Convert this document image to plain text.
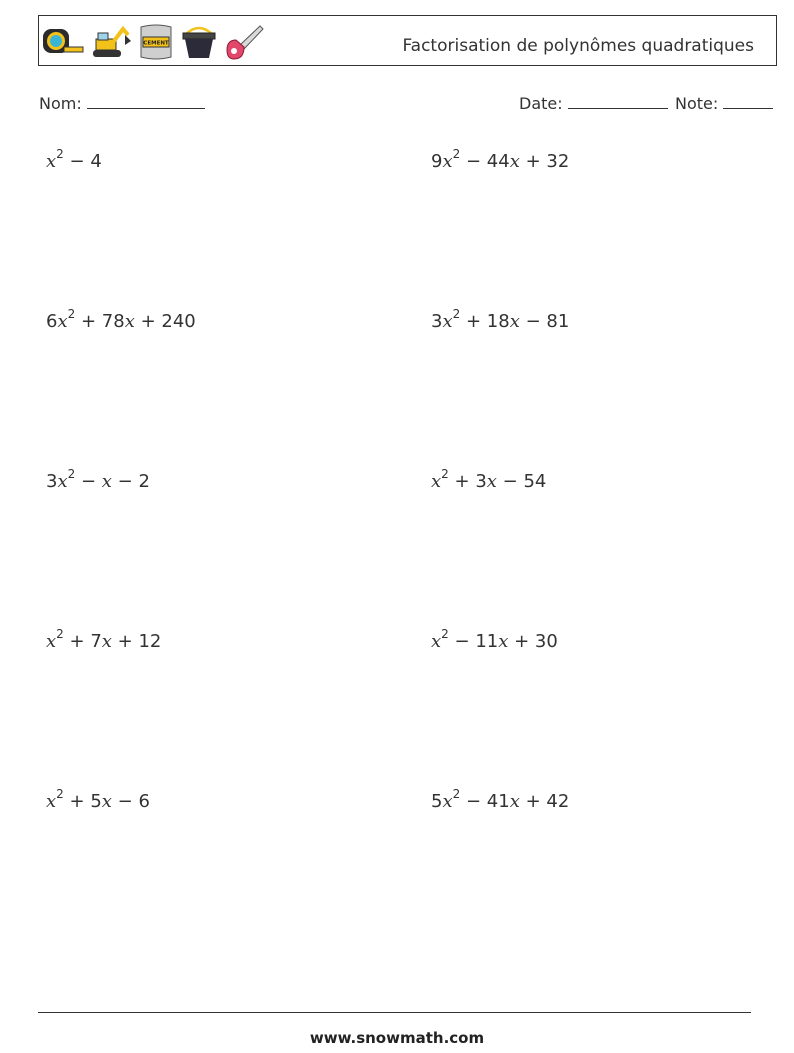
CEMENT	Factorisation de polynômes quadratiques
Nom:	Date:	Note:
$x^2 - 4$	$9x^2 - 44x + 32$
$6x^2 + 78x + 240$	$3x^2 + 18x - 81$
$3x^2 - x - 2$	$x^2 + 3x - 54$
$x^2 + 7x + 12$	$x^2 - 11x + 30$
$x^2 + 5x - 6$	$5x^2 - 41x + 42$
www.snowmath.com
